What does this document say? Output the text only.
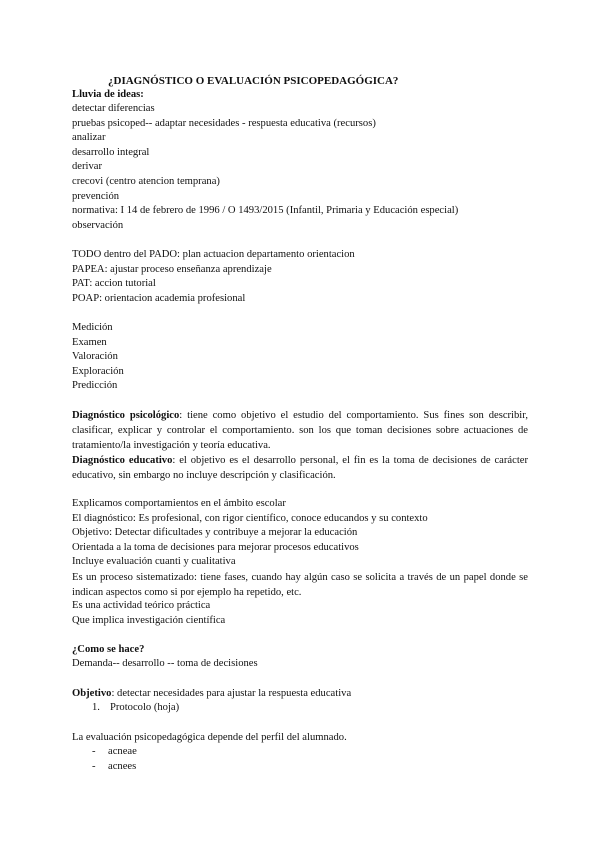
¿DIAGNÓSTICO O EVALUACIÓN PSICOPEDAGÓGICA?
Lluvia de ideas:
detectar diferencias
pruebas psicoped-- adaptar necesidades - respuesta educativa (recursos)
analizar
desarrollo integral
derivar
crecovi (centro atencion temprana)
prevención
normativa: I 14 de febrero de 1996 / O 1493/2015 (Infantil, Primaria y Educación especial)
observación
TODO dentro del PADO: plan actuacion departamento orientacion
PAPEA: ajustar proceso enseñanza aprendizaje
PAT: accion tutorial
POAP: orientacion academia profesional
Medición
Examen
Valoración
Exploración
Predicción
Diagnóstico psicológico: tiene como objetivo el estudio del comportamiento. Sus fines son describir, clasificar, explicar y controlar el comportamiento. son los que toman decisiones sobre actuaciones de tratamiento/la investigación y teoría educativa.
Diagnóstico educativo: el objetivo es el desarrollo personal, el fin es la toma de decisiones de carácter educativo, sin embargo no incluye descripción y clasificación.
Explicamos comportamientos en el ámbito escolar
El diagnóstico: Es profesional, con rigor científico, conoce educandos y su contexto
Objetivo: Detectar dificultades y contribuye a mejorar la educación
Orientada a la toma de decisiones para mejorar procesos educativos
Incluye evaluación cuanti y cualitativa
Es un proceso sistematizado: tiene fases, cuando hay algún caso se solicita a través de un papel donde se indican aspectos como si por ejemplo ha repetido, etc.
Es una actividad teórico práctica
Que implica investigación científica
¿Como se hace?
Demanda-- desarrollo -- toma de decisiones
Objetivo: detectar necesidades para ajustar la respuesta educativa
1. Protocolo (hoja)
La evaluación psicopedagógica depende del perfil del alumnado.
- acneae
- acnees
